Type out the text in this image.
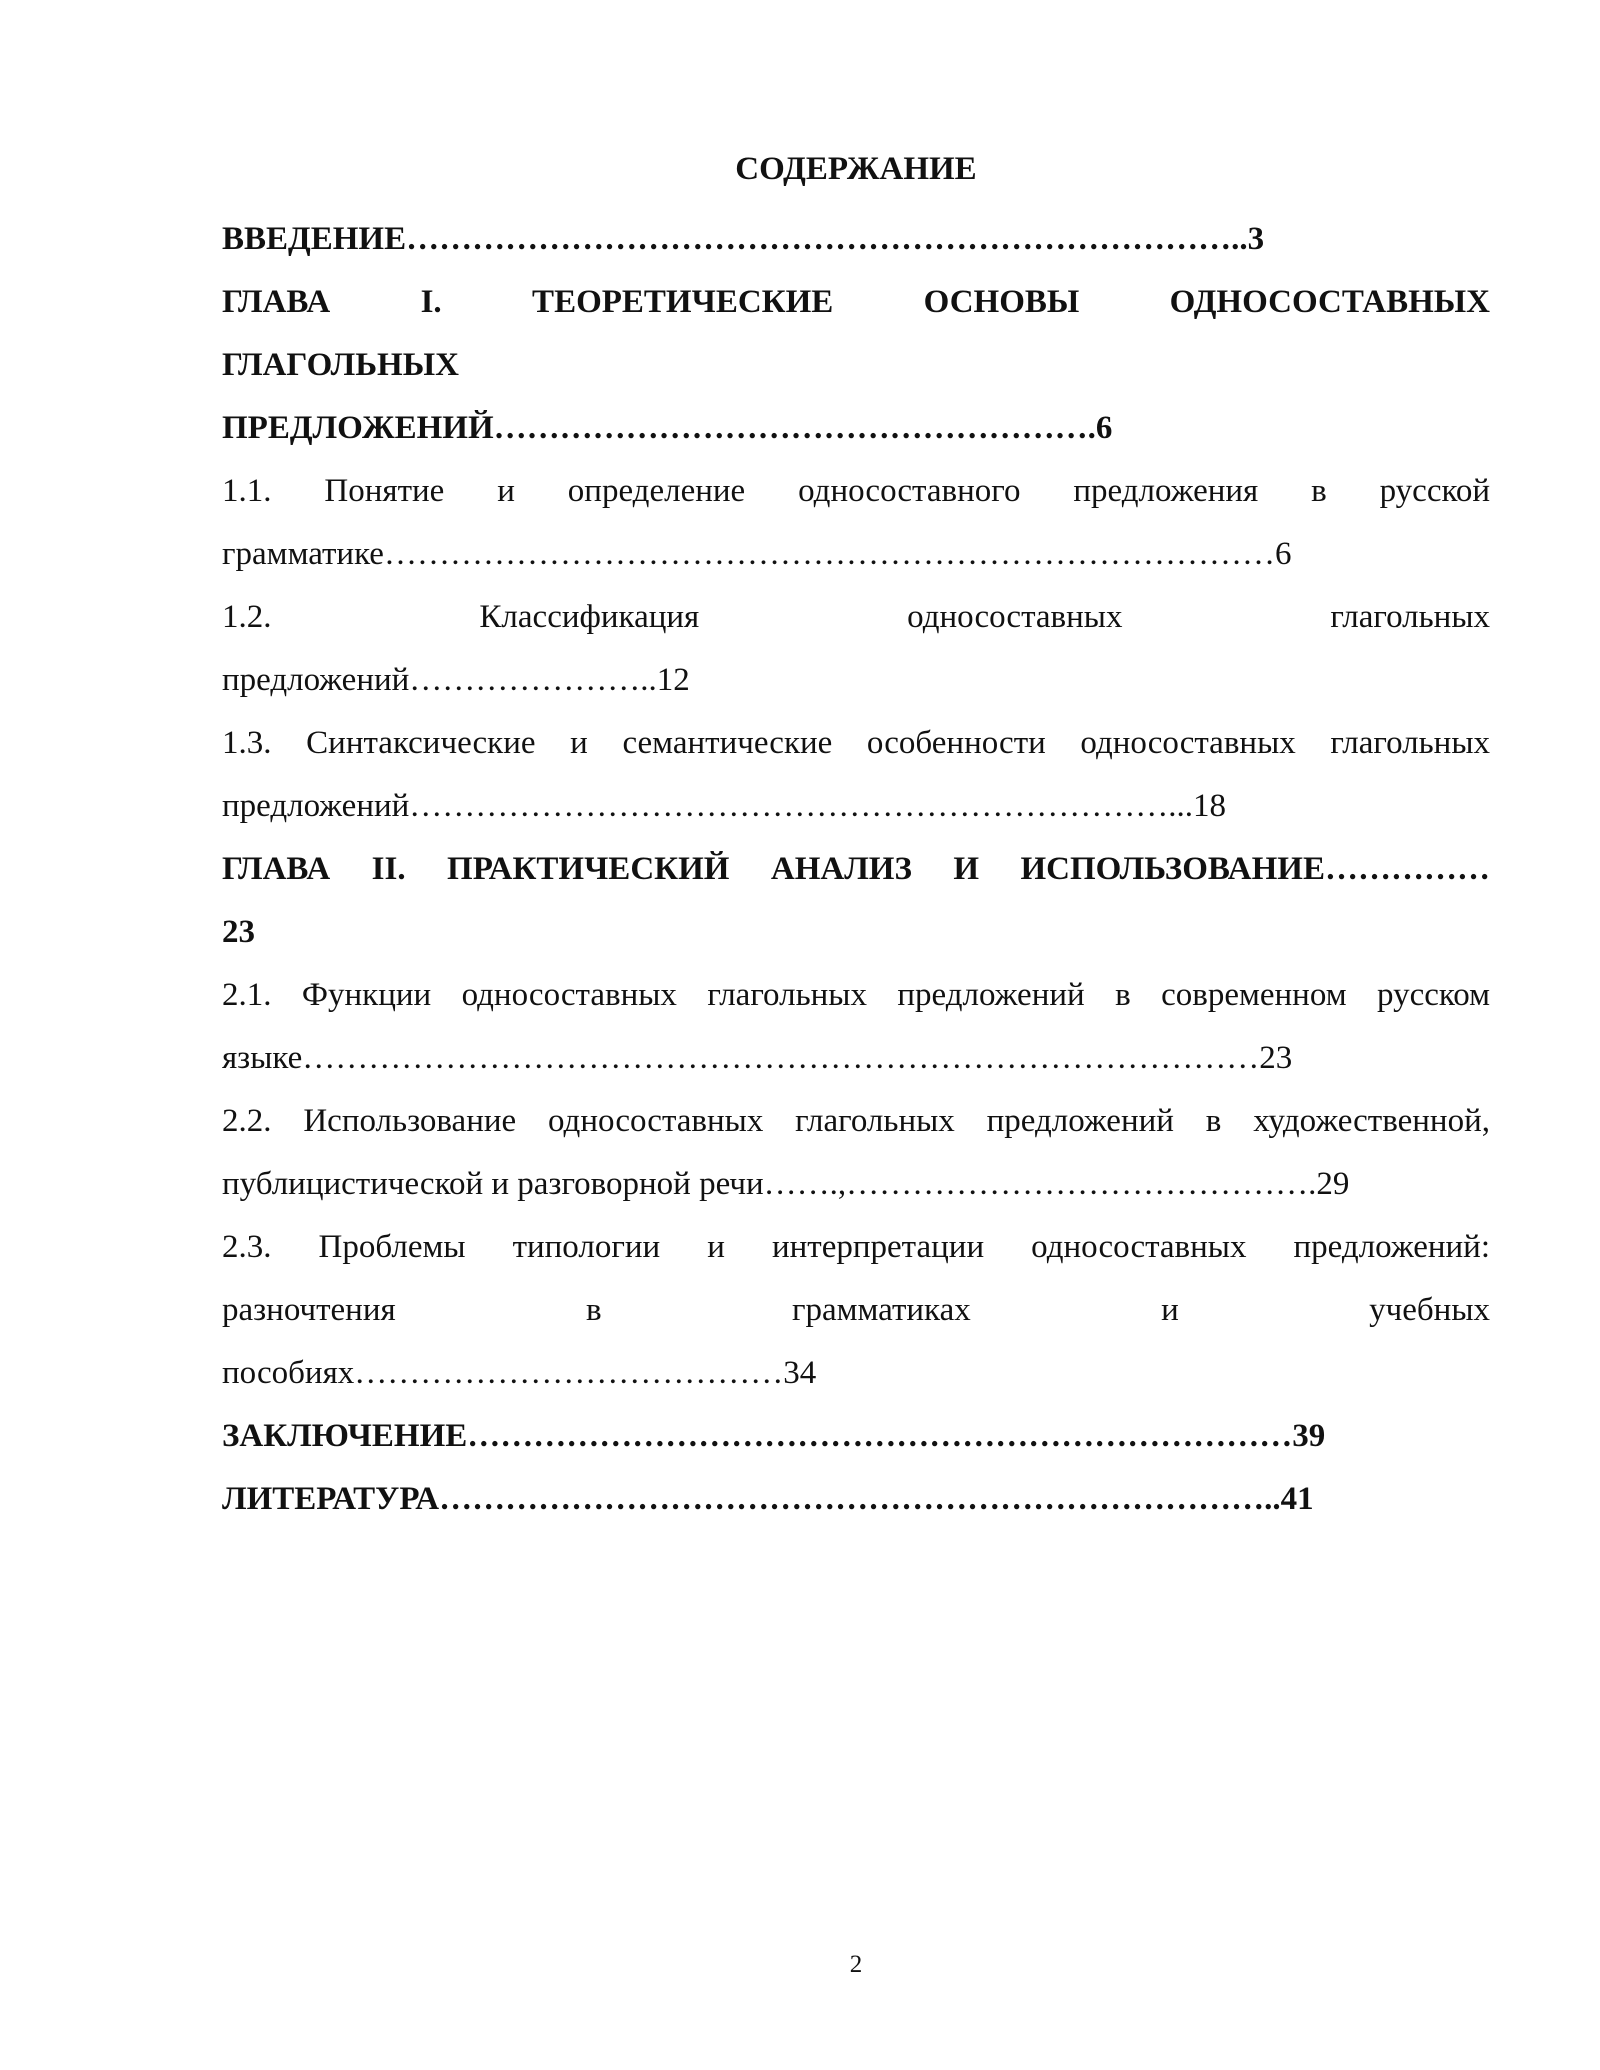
СОДЕРЖАНИЕ

ВВЕДЕНИЕ…………………………………………………………………..3

ГЛАВА I. ТЕОРЕТИЧЕСКИЕ ОСНОВЫ ОДНОСОСТАВНЫХ
ГЛАГОЛЬНЫХ
ПРЕДЛОЖЕНИЙ……………………………………………….6

1.1. Понятие и определение односоставного предложения в русской
грамматике………………………………………………………………………6

1.2. Классификация односоставных глагольных
предложений…………………..12

1.3. Синтаксические и семантические особенности односоставных глагольных
предложений……………………………………………………………...18

ГЛАВА II. ПРАКТИЧЕСКИЙ АНАЛИЗ И ИСПОЛЬЗОВАНИЕ……………
23

2.1. Функции односоставных глагольных предложений в современном русском
языке……………………………………………………………………………23

2.2. Использование односоставных глагольных предложений в художественной,
публицистической и разговорной речи…….,…………………………………….29

2.3. Проблемы типологии и интерпретации односоставных предложений:
разночтения в грамматиках и учебных
пособиях…………………………………34

ЗАКЛЮЧЕНИЕ…………………………………………………………………39

ЛИТЕРАТУРА…………………………………………………………………..41

2
